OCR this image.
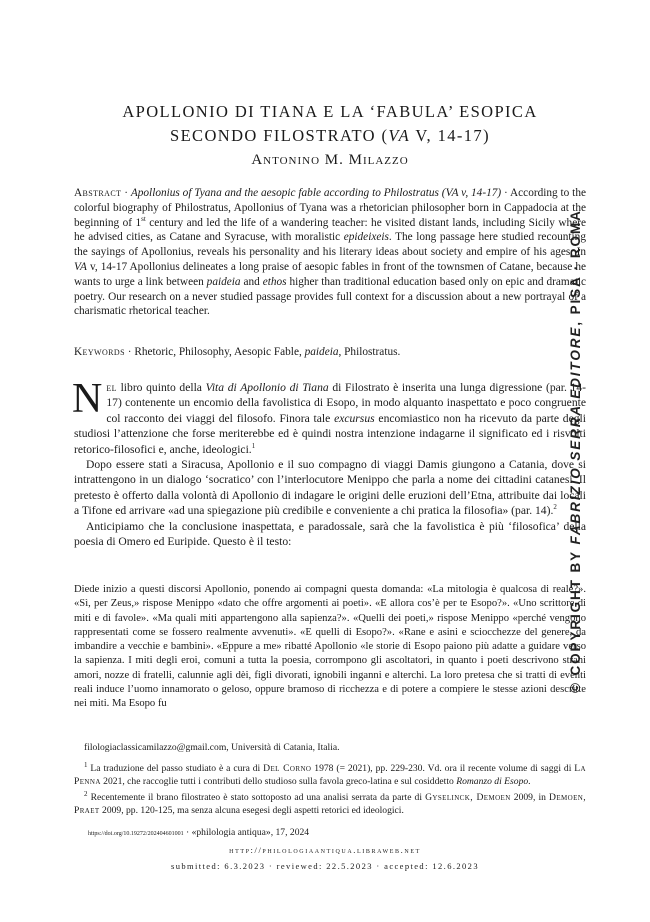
APOLLONIO DI TIANA E LA ‘FABULA’ ESOPICA
SECONDO FILOSTRATO (VA V, 14-17)
Antonino M. Milazzo
Abstract · Apollonius of Tyana and the aesopic fable according to Philostratus (VA v, 14-17) · According to the colorful biography of Philostratus, Apollonius of Tyana was a rhetorician philosopher born in Cappadocia at the beginning of 1st century and led the life of a wandering teacher: he visited distant lands, including Sicily where he advised cities, as Catane and Syracuse, with moralistic epideixeis. The long passage here studied recounting the sayings of Apollonius, reveals his personality and his literary ideas about society and empire of his ages. In VA v, 14-17 Apollonius delineates a long praise of aesopic fables in front of the townsmen of Catane, because he wants to urge a link between paideia and ethos higher than traditional education based only on epic and dramatic poetry. Our research on a never studied passage provides full context for a discussion about a new portrayal of a charismatic rhetorical teacher.
Keywords · Rhetoric, Philosophy, Aesopic Fable, paideia, Philostratus.

Nel libro quinto della Vita di Apollonio di Tiana di Filostrato è inserita una lunga digressione (par. 14-17) contenente un encomio della favolistica di Esopo, in modo alquanto inaspettato e poco congruente col racconto dei viaggi del filosofo. Finora tale excursus encomiastico non ha ricevuto da parte degli studiosi l’attenzione che forse meriterebbe ed è quindi nostra intenzione indagarne il significato ed i risvolti retorico-filosofici e, anche, ideologici.$^1$

Dopo essere stati a Siracusa, Apollonio e il suo compagno di viaggi Damis giungono a Catania, dove si intrattengono in un dialogo ‘socratico’ con l’interlocutore Menippo che parla a nome dei cittadini catanesi. Il pretesto è offerto dalla volontà di Apollonio di indagare le origini delle eruzioni dell’Etna, attribuite dai locali a Tifone ed arrivare «ad una spiegazione più credibile e conveniente a chi pratica la filosofia» (par. 14).$^2$

Anticipiamo che la conclusione inaspettata, e paradossale, sarà che la favolistica è più ‘filosofica’ della poesia di Omero ed Euripide. Questo è il testo:

Diede inizio a questi discorsi Apollonio, ponendo ai compagni questa domanda: «La mitologia è qualcosa di reale?». «Sì, per Zeus,» rispose Menippo «dato che offre argomenti ai poeti». «E allora cos’è per te Esopo?». «Uno scrittore di miti e di favole». «Ma quali miti appartengono alla sapienza?». «Quelli dei poeti,» rispose Menippo «perché vengono rappresentati come se fossero realmente avvenuti». «E quelli di Esopo?». «Rane e asini e sciocchezze del genere, da imbandire a vecchie e bambini». «Eppure a me» ribatté Apollonio «le storie di Esopo paiono più adatte a guidare verso la sapienza. I miti degli eroi, comuni a tutta la poesia, corrompono gli ascoltatori, in quanto i poeti descrivono strani amori, nozze di fratelli, calunnie agli dèi, figli divorati, ignobili inganni e alterchi. La loro pretesa che si tratti di eventi reali induce l’uomo innamorato o geloso, oppure bramoso di ricchezza e di potere a compiere le stesse azioni descritte nei miti. Ma Esopo fu

filologiaclassicamilazzo@gmail.com, Università di Catania, Italia.

$^1$ La traduzione del passo studiato è a cura di Del Corno 1978 (= 2021), pp. 229-230. Vd. ora il recente volume di saggi di La Penna 2021, che raccoglie tutti i contributi dello studioso sulla favola greco-latina e sul cosiddetto Romanzo di Esopo.

$^2$ Recentemente il brano filostrateo è stato sottoposto ad una analisi serrata da parte di Gyselinck, Demoen 2009, in Demoen, Praet 2009, pp. 120-125, ma senza alcuna esegesi degli aspetti retorici ed ideologici.

https://doi.org/10.19272/202404601001 · «philologia antiqua», 17, 2024
http://philologiaantiqua.libraweb.net
submitted: 6.3.2023 · reviewed: 22.5.2023 · accepted: 12.6.2023
© COPYRIGHT BY FABRIZIO SERRA EDITORE, PISA · ROMA
